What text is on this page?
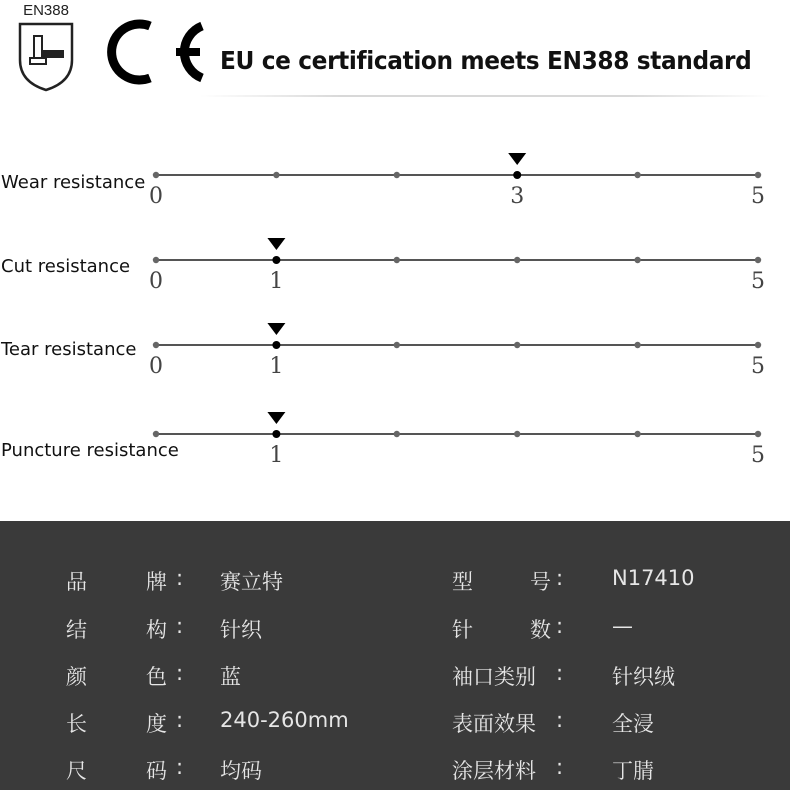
EN388
EU ce certification meets EN388 standard
0	3	5
0	1	5
0	1	5
1	5
Wear resistance
Cut resistance
Tear resistance
Puncture resistance
品	牌 : 赛立特	型	号 : N17410
结	构 : 针织	针	数 : —
颜	色 : 蓝	袖口类别 : 针织绒
长	度 : 240-260mm	表面效果 : 全浸
尺	码 : 均码	涂层材料 : 丁腈
